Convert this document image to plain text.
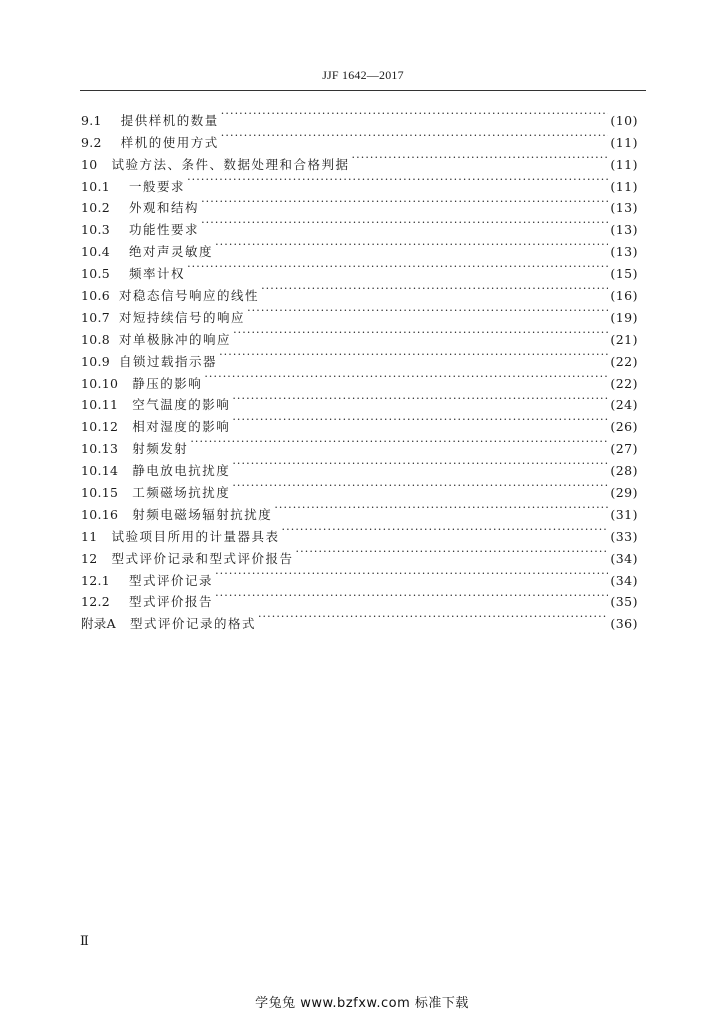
JJF 1642—2017
9.1 提供样机的数量 ·····	(10)
9.2 样机的使用方式 ·····	(11)
10 试验方法、条件、数据处理和合格判据 ·····	(11)
10.1 一般要求 ·····	(11)
10.2 外观和结构 ·····	(13)
10.3 功能性要求 ·····	(13)
10.4 绝对声灵敏度 ·····	(13)
10.5 频率计权 ·····	(15)
10.6 对稳态信号响应的线性 ·····	(16)
10.7 对短持续信号的响应 ·····	(19)
10.8 对单极脉冲的响应 ·····	(21)
10.9 自锁过载指示器 ·····	(22)
10.10 静压的影响 ·····	(22)
10.11 空气温度的影响 ·····	(24)
10.12 相对湿度的影响 ·····	(26)
10.13 射频发射 ·····	(27)
10.14 静电放电抗扰度 ·····	(28)
10.15 工频磁场抗扰度 ·····	(29)
10.16 射频电磁场辐射抗扰度 ·····	(31)
11 试验项目所用的计量器具表 ·····	(33)
12 型式评价记录和型式评价报告 ·····	(34)
12.1 型式评价记录 ·····	(34)
12.2 型式评价报告 ·····	(35)
附录A 型式评价记录的格式 ·····	(36)
Ⅱ
学兔兔 www.bzfxw.com 标准下载
